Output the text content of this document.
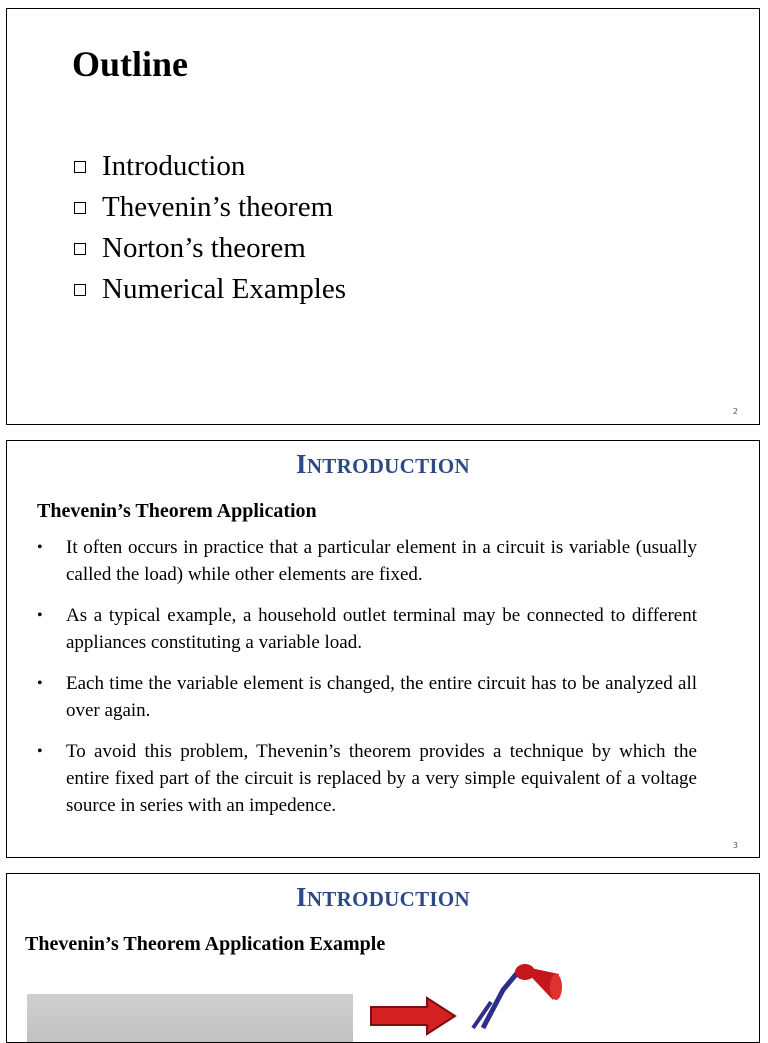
Outline
Introduction
Thevenin’s theorem
Norton’s theorem
Numerical Examples
2
INTRODUCTION
Thevenin’s Theorem Application
• It often occurs in practice that a particular element in a circuit is variable (usually called the load) while other elements are fixed.
• As a typical example, a household outlet terminal may be connected to different appliances constituting a variable load.
• Each time the variable element is changed, the entire circuit has to be analyzed all over again.
• To avoid this problem, Thevenin’s theorem provides a technique by which the entire fixed part of the circuit is replaced by a very simple equivalent of a voltage source in series with an impedence.
3
INTRODUCTION
Thevenin’s Theorem Application Example
